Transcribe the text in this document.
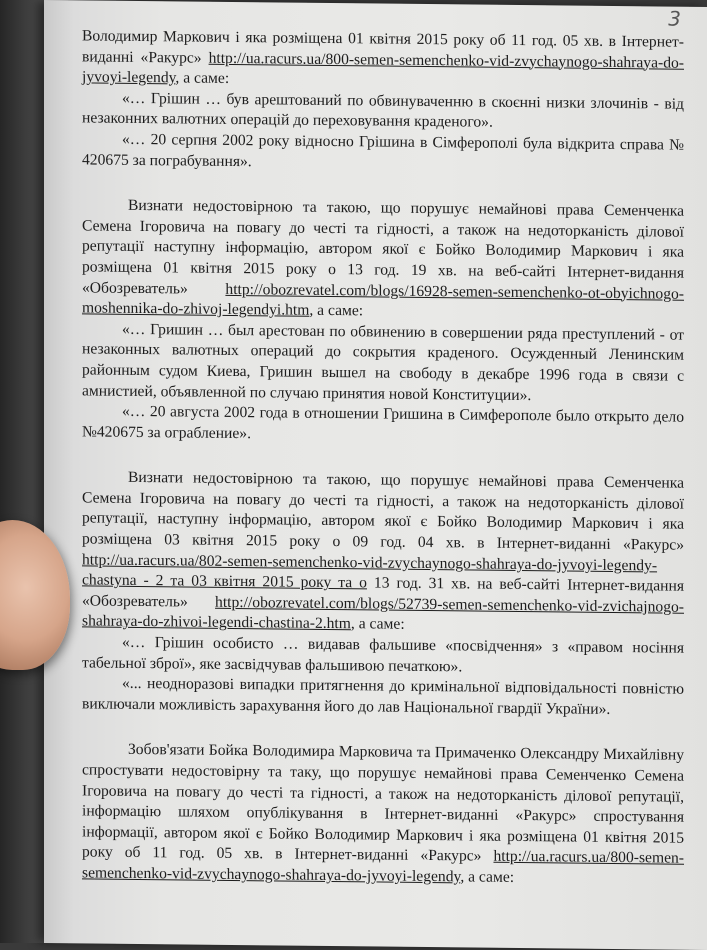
3

Володимир Маркович і яка розміщена 01 квітня 2015 року об 11 год. 05 хв. в Інтернет-виданні «Ракурс» http://ua.racurs.ua/800-semen-semenchenko-vid-zvychaynogo-shahraya-do-jyvoyi-legendy, а саме:

«… Грішин … був арештований по обвинуваченню в скоєнні низки злочинів - від незаконних валютних операцій до переховування краденого».

«… 20 серпня 2002 року відносно Грішина в Сімферополі була відкрита справа № 420675 за пограбування».

Визнати недостовірною та такою, що порушує немайнові права Семенченка Семена Ігоровича на повагу до честі та гідності, а також на недоторканість ділової репутації наступну інформацію, автором якої є Бойко Володимир Маркович і яка розміщена 01 квітня 2015 року о 13 год. 19 хв. на веб-сайті Інтернет-видання «Обозреватель» http://obozrevatel.com/blogs/16928-semen-semenchenko-ot-obyichnogo-moshennika-do-zhivoj-legendyi.htm, а саме:

«… Гришин … был арестован по обвинению в совершении ряда преступлений - от незаконных валютных операций до сокрытия краденого. Осужденный Ленинским районным судом Киева, Гришин вышел на свободу в декабре 1996 года в связи с амнистией, объявленной по случаю принятия новой Конституции».

«… 20 августа 2002 года в отношении Гришина в Симферополе было открыто дело №420675 за ограбление».

Визнати недостовірною та такою, що порушує немайнові права Семенченка Семена Ігоровича на повагу до честі та гідності, а також на недоторканість ділової репутації, наступну інформацію, автором якої є Бойко Володимир Маркович і яка розміщена 03 квітня 2015 року о 09 год. 04 хв. в Інтернет-виданні «Ракурс» http://ua.racurs.ua/802-semen-semenchenko-vid-zvychaynogo-shahraya-do-jyvoyi-legendy-chastyna - 2 та 03 квітня 2015 року та о 13 год. 31 хв. на веб-сайті Інтернет-видання «Обозреватель» http://obozrevatel.com/blogs/52739-semen-semenchenko-vid-zvichajnogo-shahraya-do-zhivoi-legendi-chastina-2.htm, а саме:

«… Грішин особисто … видавав фальшиве «посвідчення» з «правом носіння табельної зброї», яке засвідчував фальшивою печаткою».

«... неодноразові випадки притягнення до кримінальної відповідальності повністю виключали можливість зарахування його до лав Національної гвардії України».

Зобов'язати Бойка Володимира Марковича та Примаченко Олександру Михайлівну спростувати недостовірну та таку, що порушує немайнові права Семенченко Семена Ігоровича на повагу до честі та гідності, а також на недоторканість ділової репутації, інформацію шляхом опублікування в Інтернет-виданні «Ракурс» спростування інформації, автором якої є Бойко Володимир Маркович і яка розміщена 01 квітня 2015 року об 11 год. 05 хв. в Інтернет-виданні «Ракурс» http://ua.racurs.ua/800-semen-semenchenko-vid-zvychaynogo-shahraya-do-jyvoyi-legendy, а саме:
